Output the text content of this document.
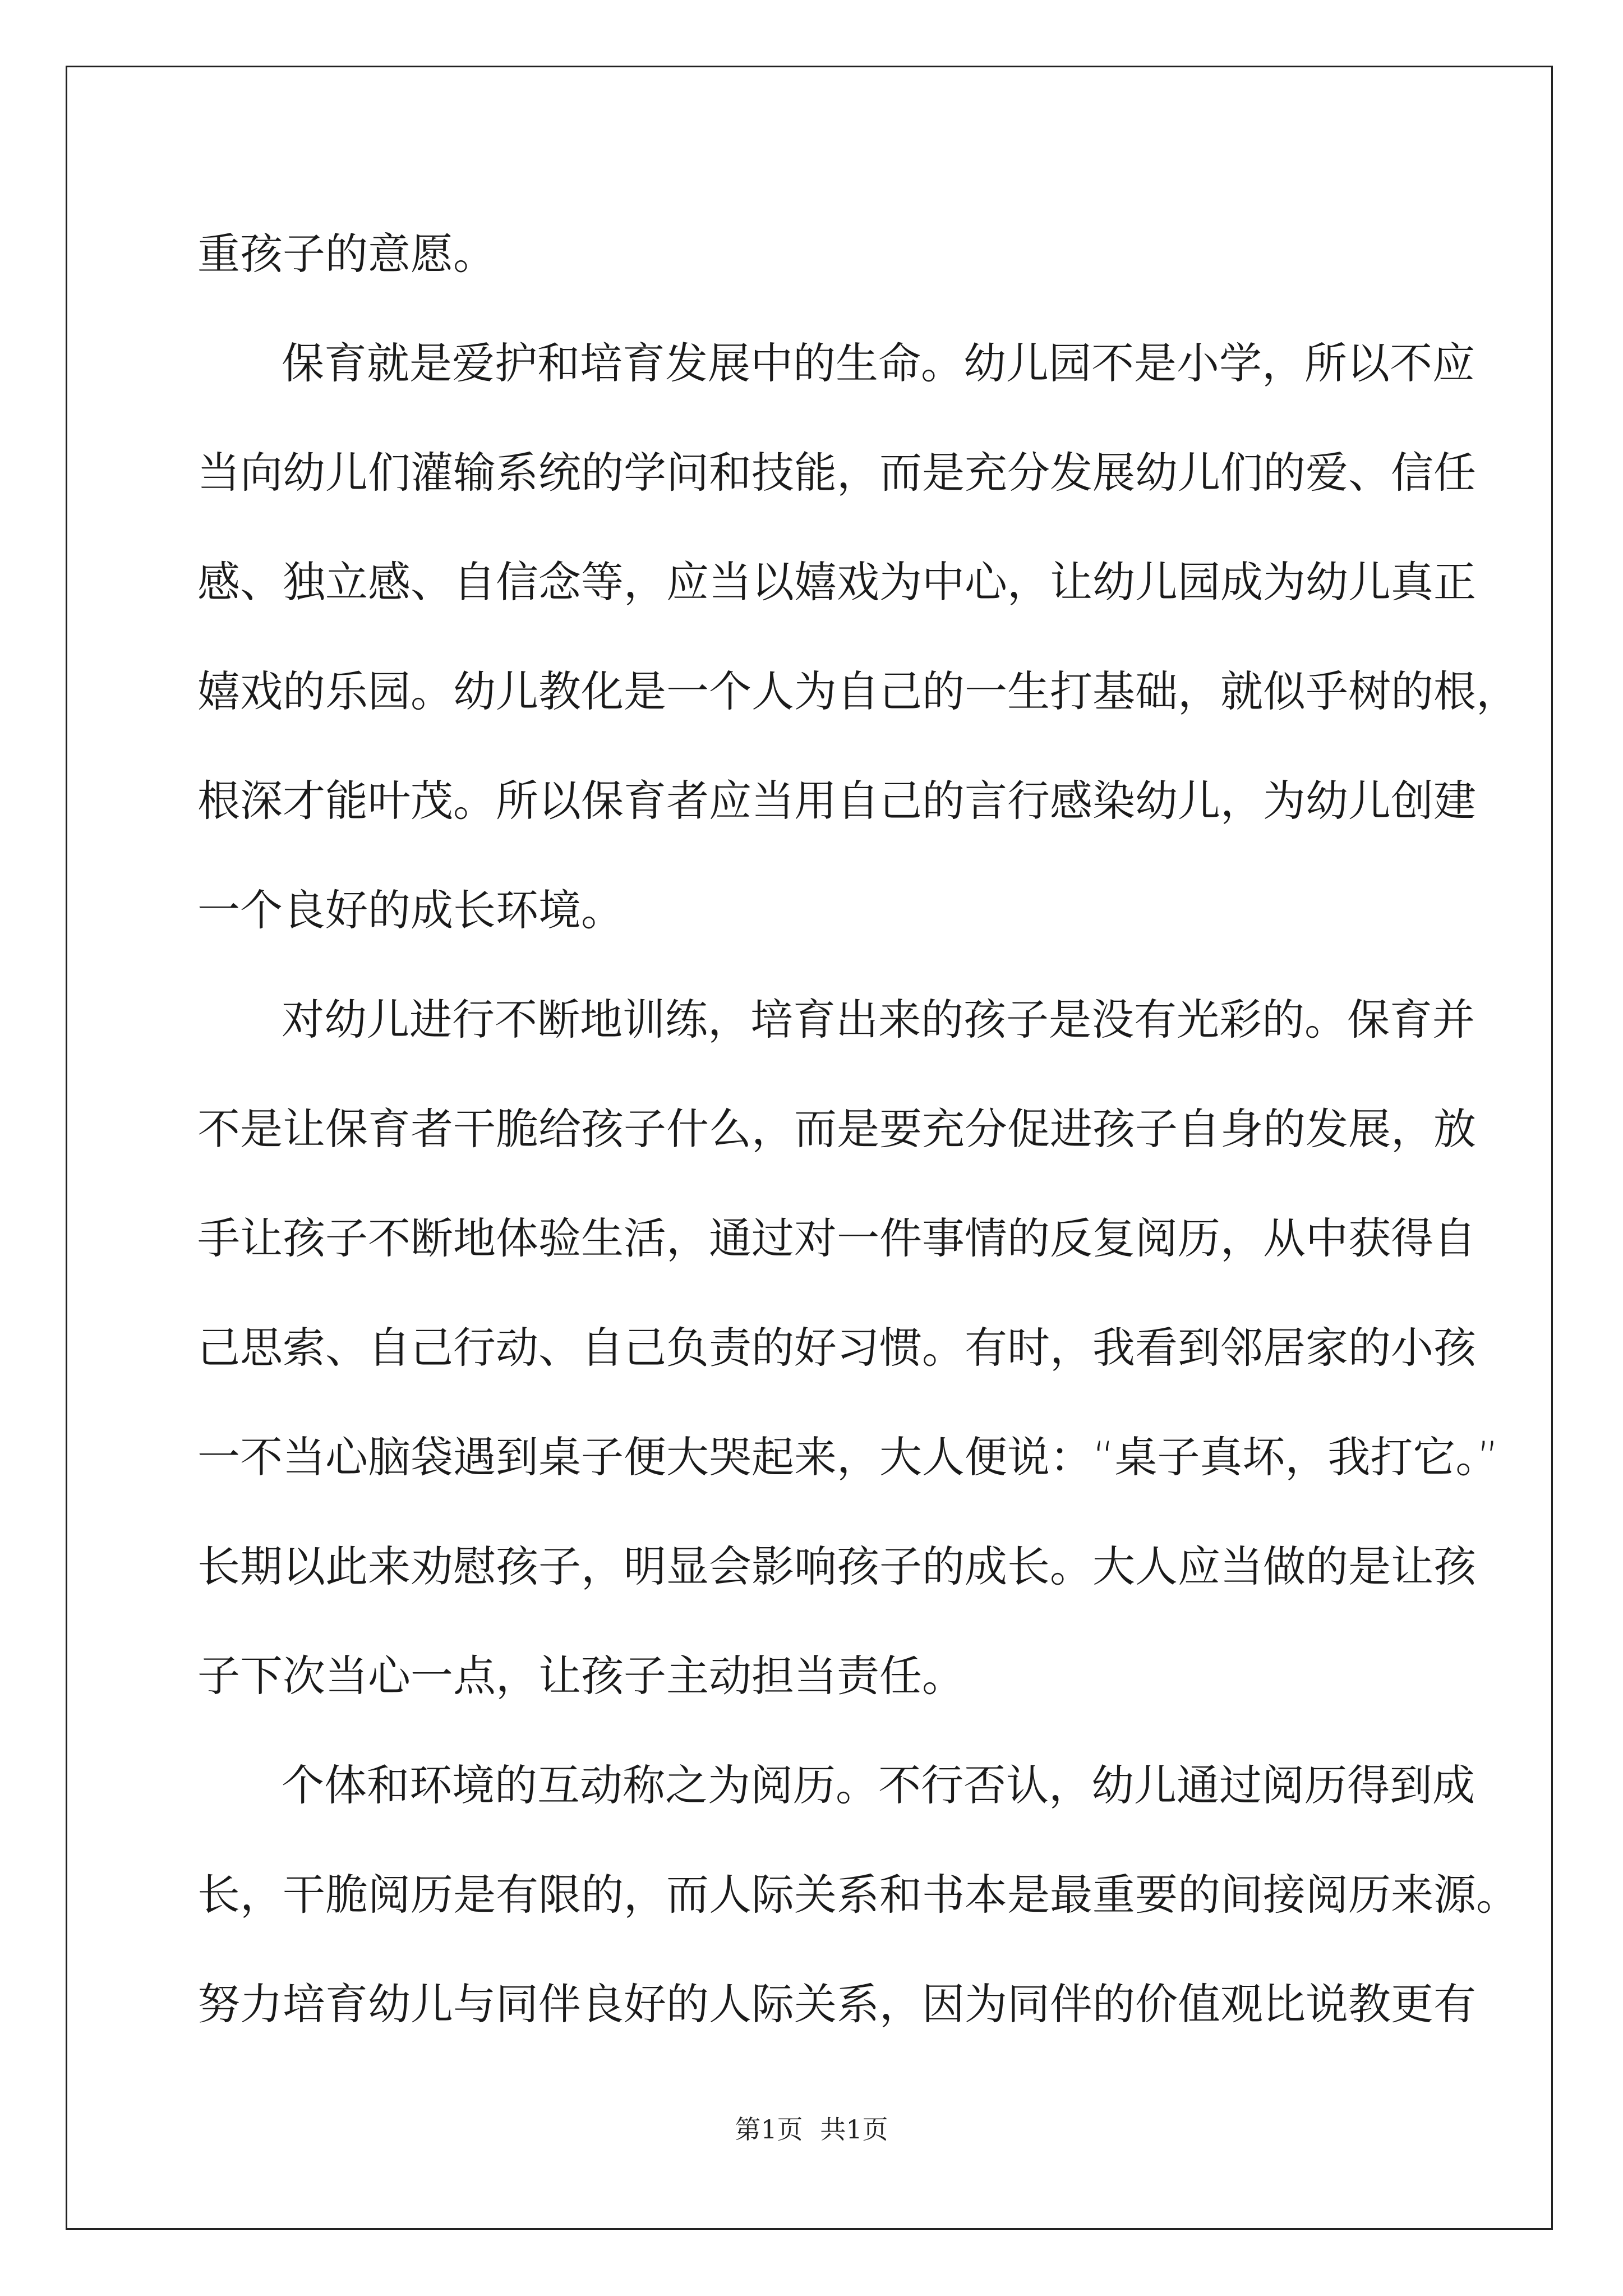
重孩子的意愿。
保育就是爱护和培育发展中的生命。幼儿园不是小学，所以不应
当向幼儿们灌输系统的学问和技能，而是充分发展幼儿们的爱、信任
感、独立感、自信念等，应当以嬉戏为中心，让幼儿园成为幼儿真正
嬉戏的乐园。幼儿教化是一个人为自己的一生打基础，就似乎树的根，
根深才能叶茂。所以保育者应当用自己的言行感染幼儿，为幼儿创建
一个良好的成长环境。
对幼儿进行不断地训练，培育出来的孩子是没有光彩的。保育并
不是让保育者干脆给孩子什么，而是要充分促进孩子自身的发展，放
手让孩子不断地体验生活，通过对一件事情的反复阅历，从中获得自
己思索、自己行动、自己负责的好习惯。有时，我看到邻居家的小孩
一不当心脑袋遇到桌子便大哭起来，大人便说：“桌子真坏，我打它。”
长期以此来劝慰孩子，明显会影响孩子的成长。大人应当做的是让孩
子下次当心一点，让孩子主动担当责任。
个体和环境的互动称之为阅历。不行否认，幼儿通过阅历得到成
长，干脆阅历是有限的，而人际关系和书本是最重要的间接阅历来源。
努力培育幼儿与同伴良好的人际关系，因为同伴的价值观比说教更有
第1页 共1页
